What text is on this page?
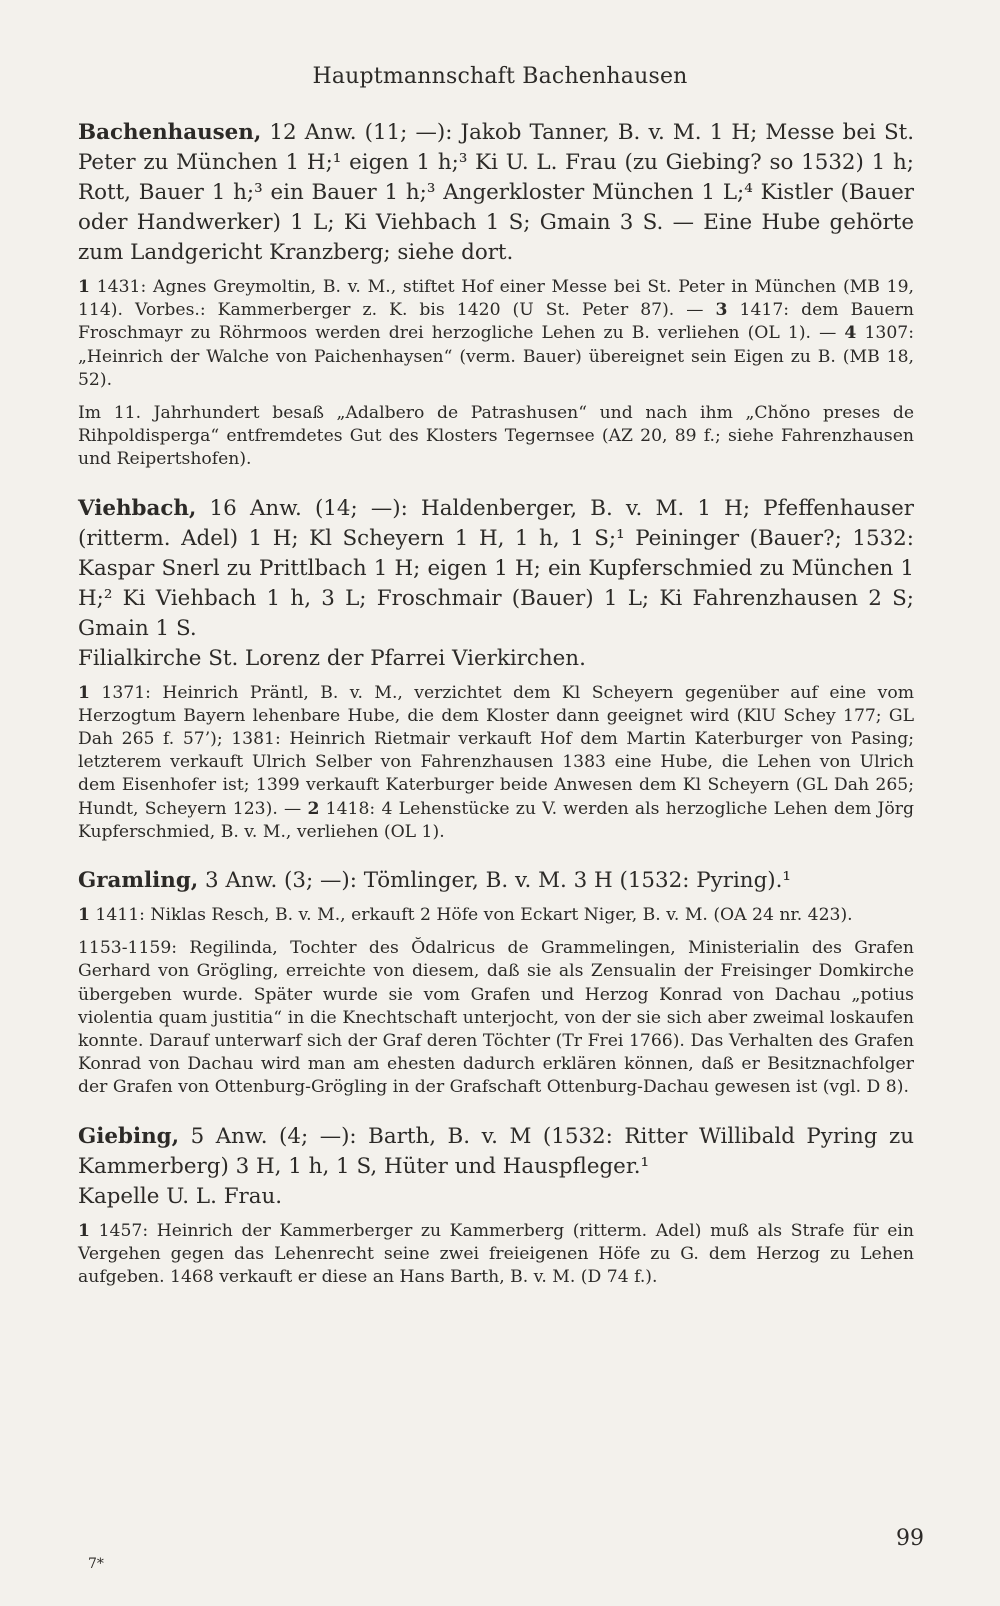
Hauptmannschaft Bachenhausen

Bachenhausen, 12 Anw. (11; —): Jakob Tanner, B. v. M. 1 H; Messe bei St. Peter zu München 1 H;¹ eigen 1 h;³ Ki U. L. Frau (zu Giebing? so 1532) 1 h; Rott, Bauer 1 h;³ ein Bauer 1 h;³ Angerkloster München 1 L;⁴ Kistler (Bauer oder Handwerker) 1 L; Ki Viehbach 1 S; Gmain 3 S. — Eine Hube gehörte zum Landgericht Kranzberg; siehe dort.

1 1431: Agnes Greymoltin, B. v. M., stiftet Hof einer Messe bei St. Peter in München (MB 19, 114). Vorbes.: Kammerberger z. K. bis 1420 (U St. Peter 87). — 3 1417: dem Bauern Froschmayr zu Röhrmoos werden drei herzogliche Lehen zu B. verliehen (OL 1). — 4 1307: „Heinrich der Walche von Paichenhaysen“ (verm. Bauer) übereignet sein Eigen zu B. (MB 18, 52).

Im 11. Jahrhundert besaß „Adalbero de Patrashusen“ und nach ihm „Chŏno preses de Rihpoldisperga“ entfremdetes Gut des Klosters Tegernsee (AZ 20, 89 f.; siehe Fahrenzhausen und Reipertshofen).

Viehbach, 16 Anw. (14; —): Haldenberger, B. v. M. 1 H; Pfeffenhauser (ritterm. Adel) 1 H; Kl Scheyern 1 H, 1 h, 1 S;¹ Peininger (Bauer?; 1532: Kaspar Snerl zu Prittlbach 1 H; eigen 1 H; ein Kupferschmied zu München 1 H;² Ki Viehbach 1 h, 3 L; Froschmair (Bauer) 1 L; Ki Fahrenzhausen 2 S; Gmain 1 S.

Filialkirche St. Lorenz der Pfarrei Vierkirchen.

1 1371: Heinrich Präntl, B. v. M., verzichtet dem Kl Scheyern gegenüber auf eine vom Herzogtum Bayern lehenbare Hube, die dem Kloster dann geeignet wird (KlU Schey 177; GL Dah 265 f. 57’); 1381: Heinrich Rietmair verkauft Hof dem Martin Katerburger von Pasing; letzterem verkauft Ulrich Selber von Fahrenzhausen 1383 eine Hube, die Lehen von Ulrich dem Eisenhofer ist; 1399 verkauft Katerburger beide Anwesen dem Kl Scheyern (GL Dah 265; Hundt, Scheyern 123). — 2 1418: 4 Lehenstücke zu V. werden als herzogliche Lehen dem Jörg Kupferschmied, B. v. M., verliehen (OL 1).

Gramling, 3 Anw. (3; —): Tömlinger, B. v. M. 3 H (1532: Pyring).¹

1 1411: Niklas Resch, B. v. M., erkauft 2 Höfe von Eckart Niger, B. v. M. (OA 24 nr. 423).

1153-1159: Regilinda, Tochter des Ŏdalricus de Grammelingen, Ministerialin des Grafen Gerhard von Grögling, erreichte von diesem, daß sie als Zensualin der Freisinger Domkirche übergeben wurde. Später wurde sie vom Grafen und Herzog Konrad von Dachau „potius violentia quam justitia“ in die Knechtschaft unterjocht, von der sie sich aber zweimal loskaufen konnte. Darauf unterwarf sich der Graf deren Töchter (Tr Frei 1766). Das Verhalten des Grafen Konrad von Dachau wird man am ehesten dadurch erklären können, daß er Besitznachfolger der Grafen von Ottenburg-Grögling in der Grafschaft Ottenburg-Dachau gewesen ist (vgl. D 8).

Giebing, 5 Anw. (4; —): Barth, B. v. M (1532: Ritter Willibald Pyring zu Kammerberg) 3 H, 1 h, 1 S, Hüter und Hauspfleger.¹

Kapelle U. L. Frau.

1 1457: Heinrich der Kammerberger zu Kammerberg (ritterm. Adel) muß als Strafe für ein Vergehen gegen das Lehenrecht seine zwei freieigenen Höfe zu G. dem Herzog zu Lehen aufgeben. 1468 verkauft er diese an Hans Barth, B. v. M. (D 74 f.).

99
7*
